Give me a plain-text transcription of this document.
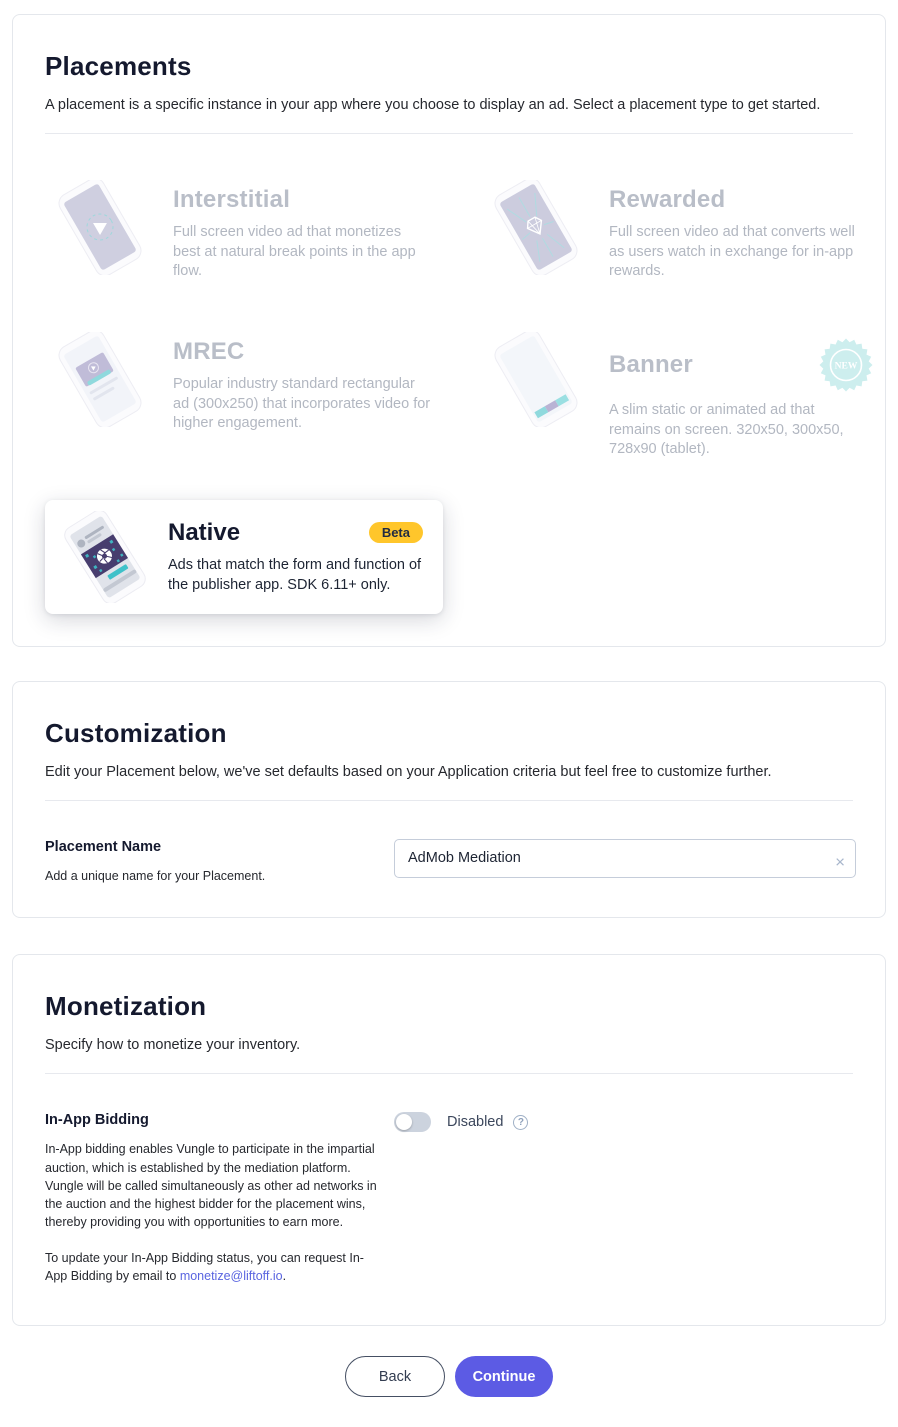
Placements

A placement is a specific instance in your app where you choose to display an ad. Select a placement type to get started.

Interstitial

Full screen video ad that monetizes best at natural break points in the app flow.

Rewarded

Full screen video ad that converts well as users watch in exchange for in-app rewards.

MREC

Popular industry standard rectangular ad (300x250) that incorporates video for higher engagement.

Banner	NEW

A slim static or animated ad that remains on screen. 320x50, 300x50, 728x90 (tablet).

Native	Beta

Ads that match the form and function of the publisher app. SDK 6.11+ only.

Customization

Edit your Placement below, we've set defaults based on your Application criteria but feel free to customize further.

Placement Name
Add a unique name for your Placement.
AdMob Mediation
×
Monetization

Specify how to monetize your inventory.

In-App Bidding

In-App bidding enables Vungle to participate in the impartial auction, which is established by the mediation platform. Vungle will be called simultaneously as other ad networks in the auction and the highest bidder for the placement wins, thereby providing you with opportunities to earn more.

To update your In-App Bidding status, you can request In-App Bidding by email to monetize@liftoff.io.

Disabled	?
Back	Continue
